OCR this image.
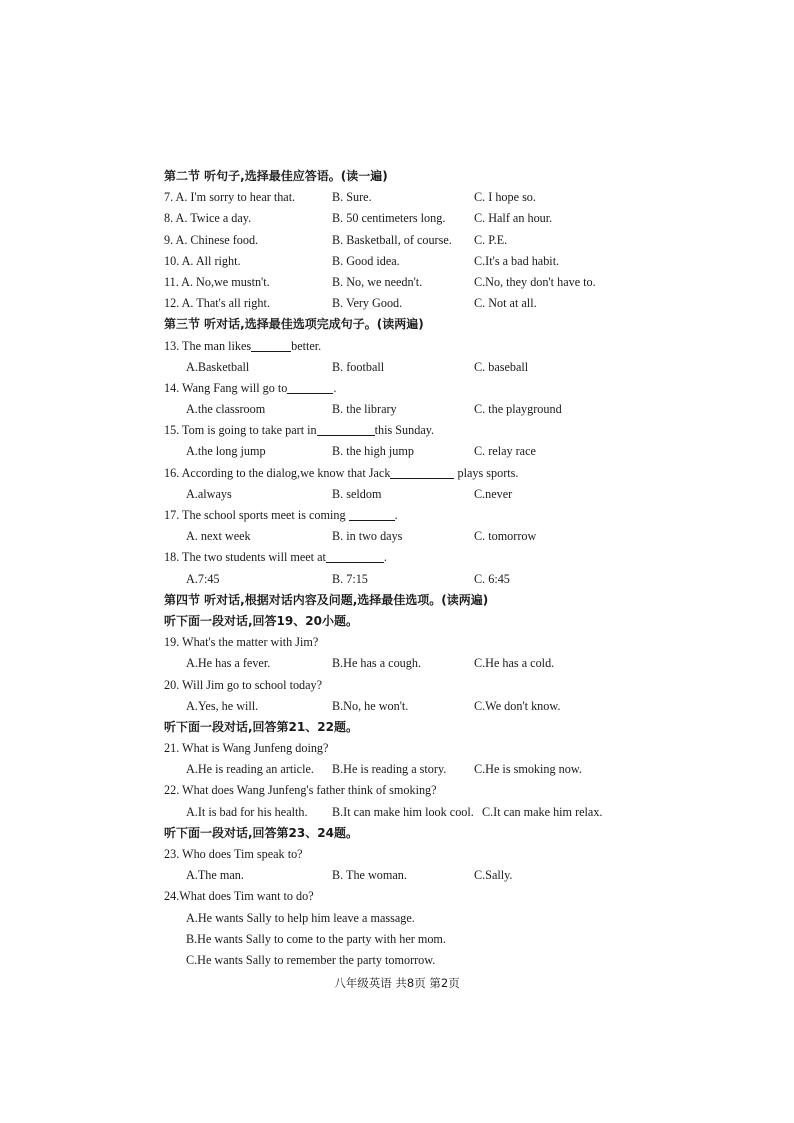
第二节 听句子,选择最佳应答语。(读一遍)
7. A. I'm sorry to hear that.	B. Sure.	C. I hope so.
8. A. Twice a day.	B. 50 centimeters long. C. Half an hour.
9. A. Chinese food.	B. Basketball, of course. C. P.E.
10. A. All right.	B. Good idea.	C.It's a bad habit.
11. A. No,we mustn't.	B. No, we needn't.	C.No, they don't have to.
12. A. That's all right.	B. Very Good.	C. Not at all.
第三节 听对话,选择最佳选项完成句子。(读两遍)
13. The man likes	better.
A.Basketball	B. football	C. baseball
14. Wang Fang will go to	.
A.the classroom	B. the library	C. the playground
15. Tom is going to take part in	this Sunday.
A.the long jump	B. the high jump	C. relay race
16. According to the dialog,we know that Jack	plays sports.
A.always	B. seldom	C.never
17. The school sports meet is coming	.
A. next week	B. in two days	C. tomorrow
18. The two students will meet at	.
A.7:45	B. 7:15	C. 6:45
第四节 听对话,根据对话内容及问题,选择最佳选项。(读两遍)
听下面一段对话,回答19、20小题。
19. What's the matter with Jim?
A.He has a fever.	B.He has a cough.	C.He has a cold.
20. Will Jim go to school today?
A.Yes, he will.	B.No, he won't.	C.We don't know.
听下面一段对话,回答第21、22题。
21. What is Wang Junfeng doing?
A.He is reading an article. B.He is reading a story. C.He is smoking now.
22. What does Wang Junfeng's father think of smoking?
A.It is bad for his health. B.It can make him look cool. C.It can make him relax.
听下面一段对话,回答第23、24题。
23. Who does Tim speak to?
A.The man.	B. The woman.	C.Sally.
24.What does Tim want to do?
A.He wants Sally to help him leave a massage.
B.He wants Sally to come to the party with her mom.
C.He wants Sally to remember the party tomorrow.
八年级英语 共8页 第2页
